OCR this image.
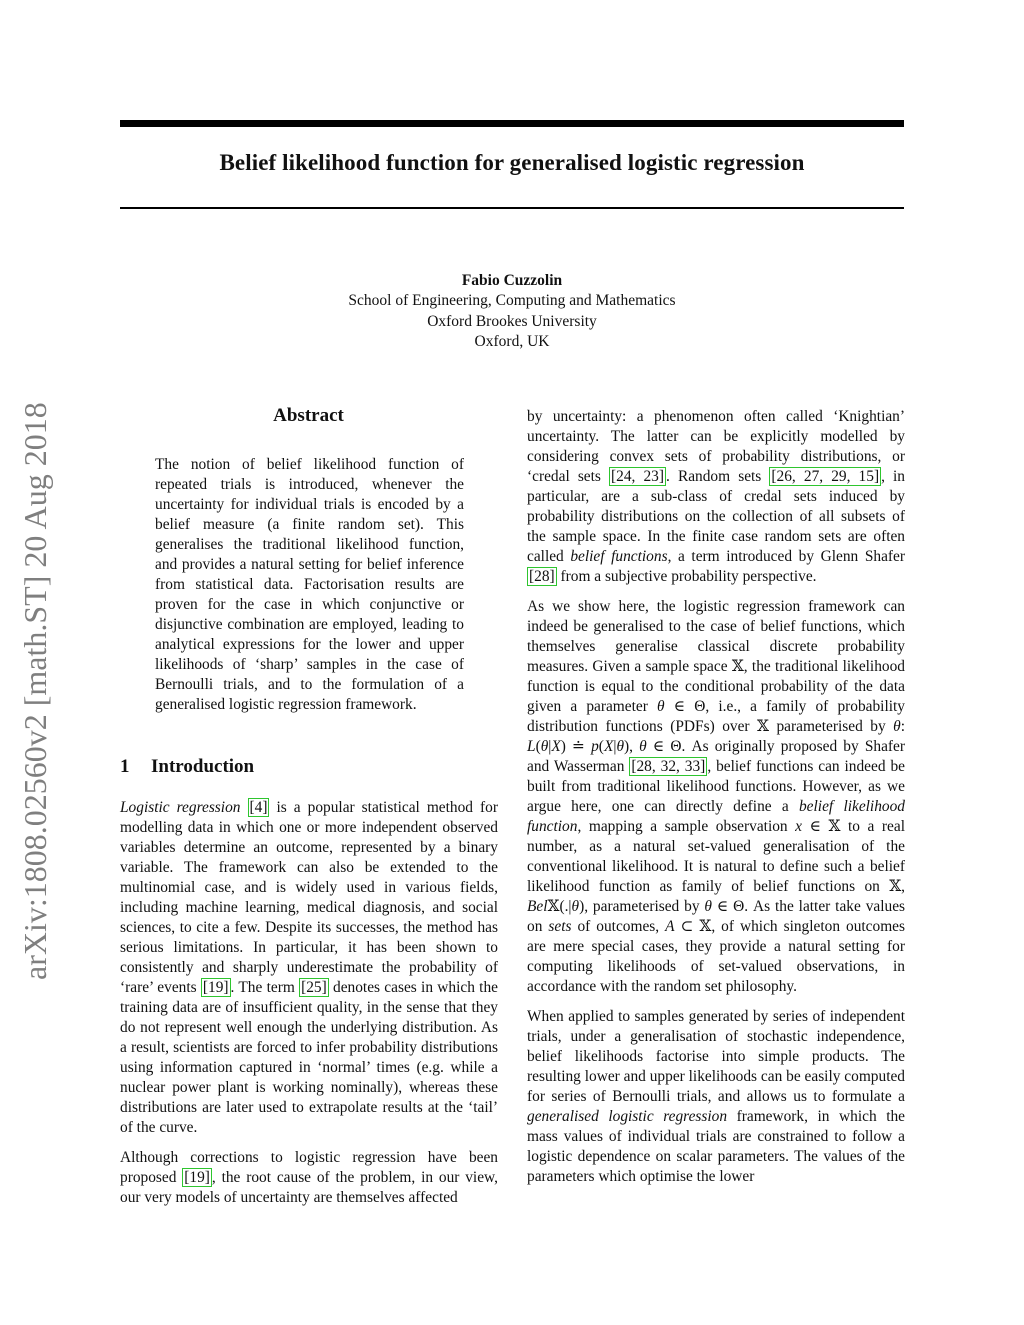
Belief likelihood function for generalised logistic regression
arXiv:1808.02560v2 [math.ST] 20 Aug 2018
Fabio Cuzzolin
School of Engineering, Computing and Mathematics
Oxford Brookes University
Oxford, UK
Abstract

The notion of belief likelihood function of repeated trials is introduced, whenever the uncertainty for individual trials is encoded by a belief measure (a finite random set). This generalises the traditional likelihood function, and provides a natural setting for belief inference from statistical data. Factorisation results are proven for the case in which conjunctive or disjunctive combination are employed, leading to analytical expressions for the lower and upper likelihoods of ‘sharp’ samples in the case of Bernoulli trials, and to the formulation of a generalised logistic regression framework.

1 Introduction

Logistic regression [4] is a popular statistical method for modelling data in which one or more independent observed variables determine an outcome, represented by a binary variable. The framework can also be extended to the multinomial case, and is widely used in various fields, including machine learning, medical diagnosis, and social sciences, to cite a few. Despite its successes, the method has serious limitations. In particular, it has been shown to consistently and sharply underestimate the probability of ‘rare’ events [19] . The term [25] denotes cases in which the training data are of insufficient quality, in the sense that they do not represent well enough the underlying distribution. As a result, scientists are forced to infer probability distributions using information captured in ‘normal’ times (e.g. while a nuclear power plant is working nominally), whereas these distributions are later used to extrapolate results at the ‘tail’ of the curve.

Although corrections to logistic regression have been proposed [19] , the root cause of the problem, in our view, our very models of uncertainty are themselves affected

by uncertainty: a phenomenon often called ‘Knightian’ uncertainty. The latter can be explicitly modelled by considering convex sets of probability distributions, or ‘credal sets [24, 23] . Random sets [26, 27, 29, 15] , in particular, are a sub-class of credal sets induced by probability distributions on the collection of all subsets of the sample space. In the finite case random sets are often called belief functions, a term introduced by Glenn Shafer [28] from a subjective probability perspective.

As we show here, the logistic regression framework can indeed be generalised to the case of belief functions, which themselves generalise classical discrete probability measures. Given a sample space 𝕏, the traditional likelihood function is equal to the conditional probability of the data given a parameter θ ∈ Θ, i.e., a family of probability distribution functions (PDFs) over 𝕏 parameterised by θ: L(θ|X) ≐ p(X|θ), θ ∈ Θ. As originally proposed by Shafer and Wasserman [28, 32, 33] , belief functions can indeed be built from traditional likelihood functions. However, as we argue here, one can directly define a belief likelihood function, mapping a sample observation x ∈ 𝕏 to a real number, as a natural set-valued generalisation of the conventional likelihood. It is natural to define such a belief likelihood function as family of belief functions on 𝕏, Bel𝕏(.|θ), parameterised by θ ∈ Θ. As the latter take values on sets of outcomes, A ⊂ 𝕏, of which singleton outcomes are mere special cases, they provide a natural setting for computing likelihoods of set-valued observations, in accordance with the random set philosophy.

When applied to samples generated by series of independent trials, under a generalisation of stochastic independence, belief likelihoods factorise into simple products. The resulting lower and upper likelihoods can be easily computed for series of Bernoulli trials, and allows us to formulate a generalised logistic regression framework, in which the mass values of individual trials are constrained to follow a logistic dependence on scalar parameters. The values of the parameters which optimise the lower
